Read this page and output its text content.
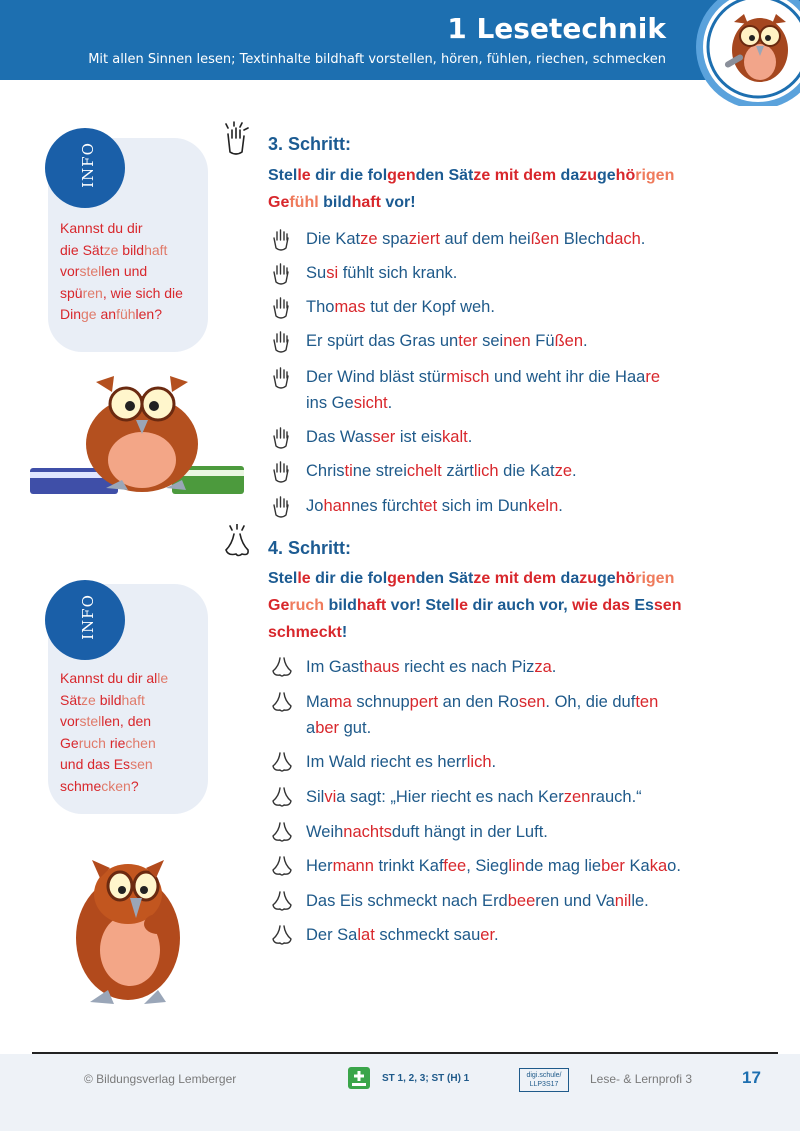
1 Lesetechnik
Mit allen Sinnen lesen; Textinhalte bildhaft vorstellen, hören, fühlen, riechen, schmecken
INFO
Kannst du dir
die Sätze bildhaft
vorstellen und
spüren, wie sich die
Dinge anfühlen?
INFO
Kannst du dir alle
Sätze bildhaft
vorstellen, den
Geruch riechen
und das Essen
schmecken?
3. Schritt:
Stelle dir die folgenden Sätze mit dem dazugehörigen
Gefühl bildhaft vor!
Die Katze spaziert auf dem heißen Blechdach.
Susi fühlt sich krank.
Thomas tut der Kopf weh.
Er spürt das Gras unter seinen Füßen.
Der Wind bläst stürmisch und weht ihr die Haare
ins Gesicht.
Das Wasser ist eiskalt.
Christine streichelt zärtlich die Katze.
Johannes fürchtet sich im Dunkeln.
4. Schritt:
Stelle dir die folgenden Sätze mit dem dazugehörigen
Geruch bildhaft vor! Stelle dir auch vor, wie das Essen
schmeckt!
Im Gasthaus riecht es nach Pizza.
Mama schnuppert an den Rosen. Oh, die duften
aber gut.
Im Wald riecht es herrlich.
Silvia sagt: „Hier riecht es nach Kerzenrauch.“
Weihnachtsduft hängt in der Luft.
Hermann trinkt Kaffee, Sieglinde mag lieber Kakao.
Das Eis schmeckt nach Erdbeeren und Vanille.
Der Salat schmeckt sauer.
© Bildungsverlag Lemberger	ST 1, 2, 3; ST (H) 1	digi.schule/
LLP3S17	Lese- & Lernprofi 3	17
